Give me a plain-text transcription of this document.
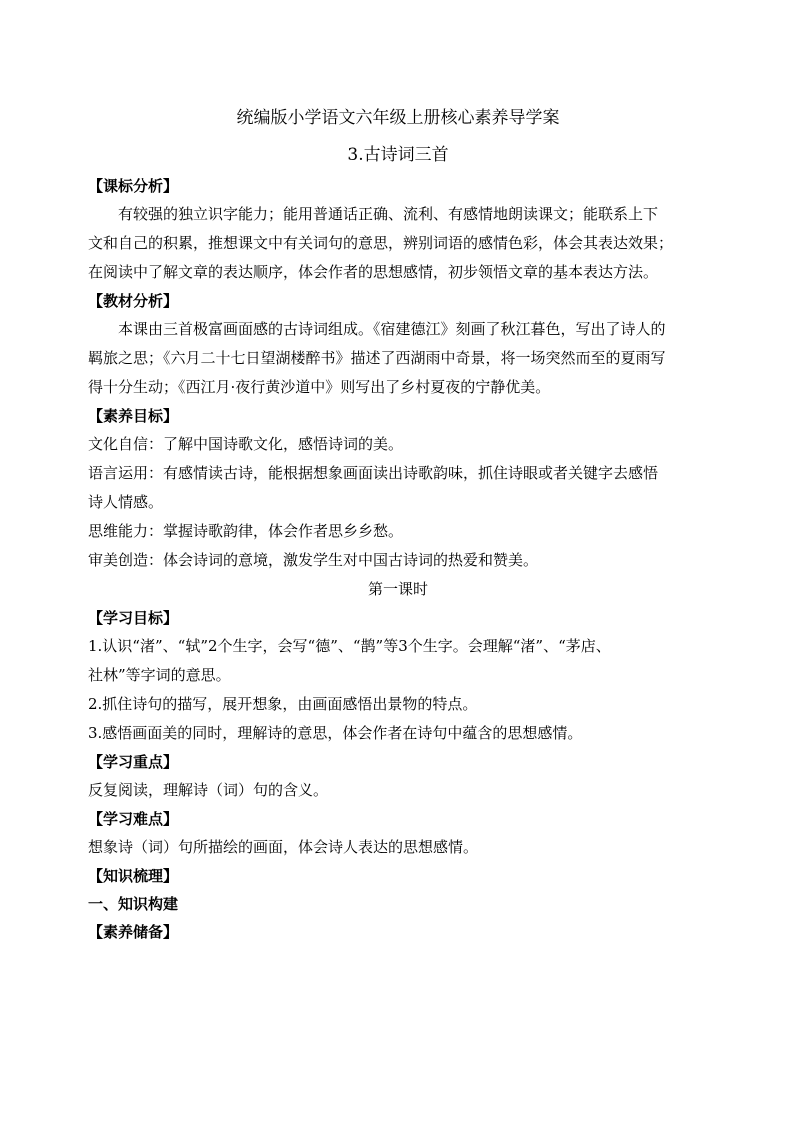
统编版小学语文六年级上册核心素养导学案
3.古诗词三首
【课标分析】
有较强的独立识字能力；能用普通话正确、流利、有感情地朗读课文；能联系上下
文和自己的积累，推想课文中有关词句的意思，辨别词语的感情色彩，体会其表达效果；
在阅读中了解文章的表达顺序，体会作者的思想感情，初步领悟文章的基本表达方法。
【教材分析】
本课由三首极富画面感的古诗词组成。《宿建德江》刻画了秋江暮色，写出了诗人的
羁旅之思；《六月二十七日望湖楼醉书》描述了西湖雨中奇景，将一场突然而至的夏雨写
得十分生动；《西江月·夜行黄沙道中》则写出了乡村夏夜的宁静优美。
【素养目标】
文化自信：了解中国诗歌文化，感悟诗词的美。
语言运用：有感情读古诗，能根据想象画面读出诗歌韵味，抓住诗眼或者关键字去感悟
诗人情感。
思维能力：掌握诗歌韵律，体会作者思乡乡愁。
审美创造：体会诗词的意境，激发学生对中国古诗词的热爱和赞美。
第一课时
【学习目标】
1.认识“渚”、“轼”2个生字，会写“德”、“鹊”等3个生字。会理解“渚”、“茅店、
社林”等字词的意思。
2.抓住诗句的描写，展开想象，由画面感悟出景物的特点。
3.感悟画面美的同时，理解诗的意思，体会作者在诗句中蕴含的思想感情。
【学习重点】
反复阅读，理解诗（词）句的含义。
【学习难点】
想象诗（词）句所描绘的画面，体会诗人表达的思想感情。
【知识梳理】
一、知识构建
【素养储备】
